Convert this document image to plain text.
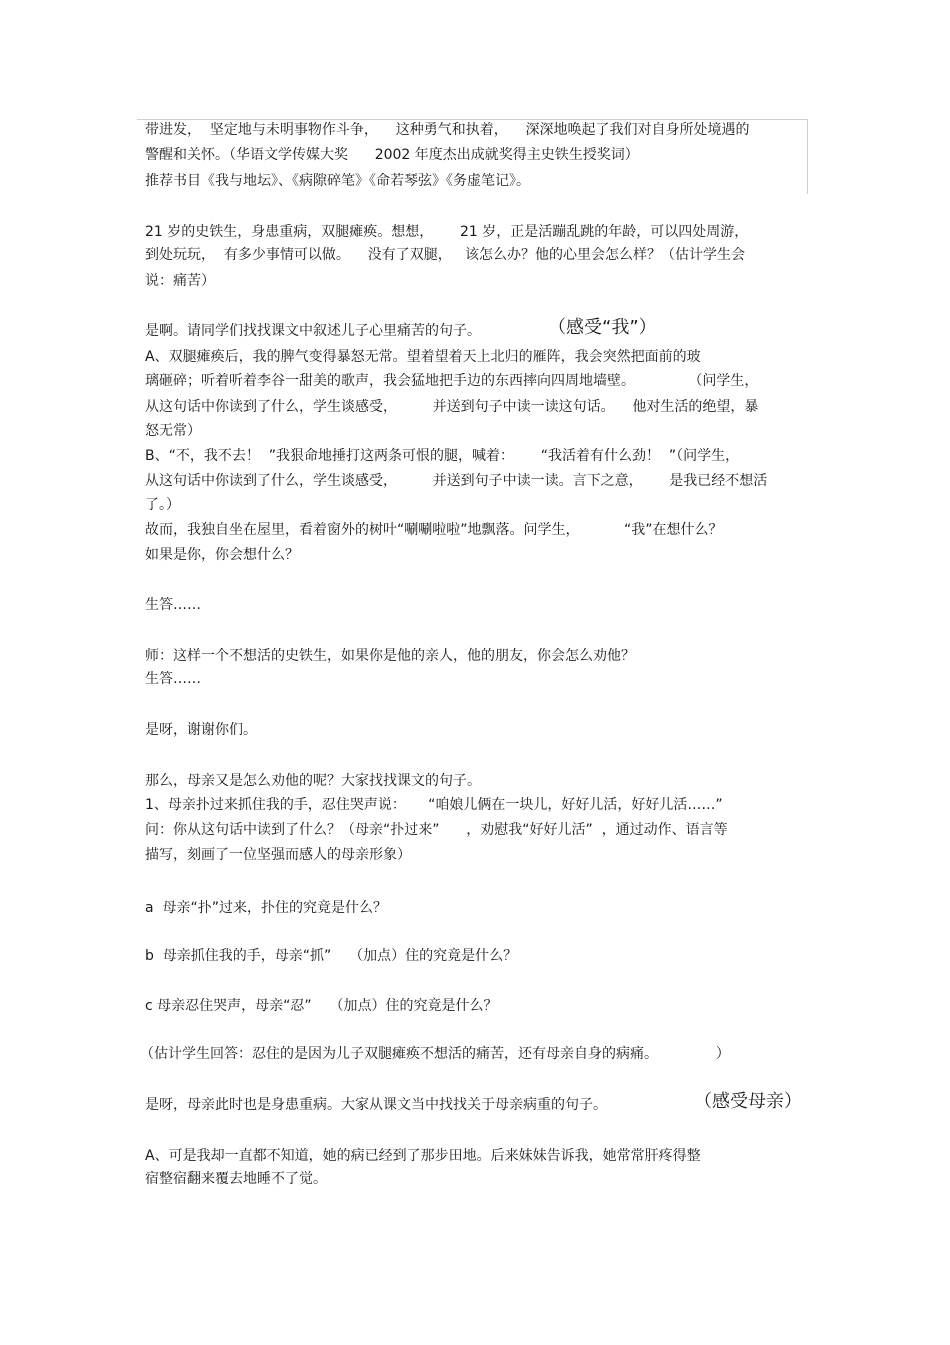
带进发，  坚定地与未明事物作斗争，    这种勇气和执着，    深深地唤起了我们对自身所处境遇的
警醒和关怀。（华语文学传媒大奖      2002 年度杰出成就奖得主史铁生授奖词）
推荐书目《我与地坛》、《病隙碎笔》《命若琴弦》《务虚笔记》。
21 岁的史铁生，身患重病，双腿瘫痪。想想，      21 岁，正是活蹦乱跳的年龄，可以四处周游，
到处玩玩，  有多少事情可以做。    没有了双腿，   该怎么办？他的心里会怎么样？（估计学生会
说：痛苦）
是啊。请同学们找找课文中叙述儿子心里痛苦的句子。	（感受“我”）
A、双腿瘫痪后，我的脾气变得暴怒无常。望着望着天上北归的雁阵，我会突然把面前的玻
璃砸碎；听着听着李谷一甜美的歌声，我会猛地把手边的东西摔向四周地墙壁。            （问学生，
从这句话中你读到了什么，学生谈感受，        并送到句子中读一读这句话。    他对生活的绝望，暴
怒无常）
B、“不，我不去！  ”我狠命地捶打这两条可恨的腿，喊着：      “我活着有什么劲！  ”（问学生，
从这句话中你读到了什么，学生谈感受，        并送到句子中读一读。言下之意，      是我已经不想活
了。）
故而，我独自坐在屋里，看着窗外的树叶“唰唰啦啦”地飘落。问学生，          “我”在想什么？
如果是你，你会想什么？
生答……
师：这样一个不想活的史铁生，如果你是他的亲人，他的朋友，你会怎么劝他？
生答……
是呀，谢谢你们。
那么，母亲又是怎么劝他的呢？大家找找课文的句子。
1、母亲扑过来抓住我的手，忍住哭声说：     “咱娘儿俩在一块儿，好好儿活，好好儿活……”
问：你从这句话中读到了什么？（母亲“扑过来”      ，劝慰我“好好儿活”  ，通过动作、语言等
描写，刻画了一位坚强而感人的母亲形象）
a  母亲“扑”过来，扑住的究竟是什么？
b  母亲抓住我的手，母亲“抓”    （加点）住的究竟是什么？
c 母亲忍住哭声，母亲“忍”    （加点）住的究竟是什么？
（估计学生回答：忍住的是因为儿子双腿瘫痪不想活的痛苦，还有母亲自身的病痛。             ）
是呀，母亲此时也是身患重病。大家从课文当中找找关于母亲病重的句子。	（感受母亲）
A、可是我却一直都不知道，她的病已经到了那步田地。后来妹妹告诉我，她常常肝疼得整
宿整宿翻来覆去地睡不了觉。
